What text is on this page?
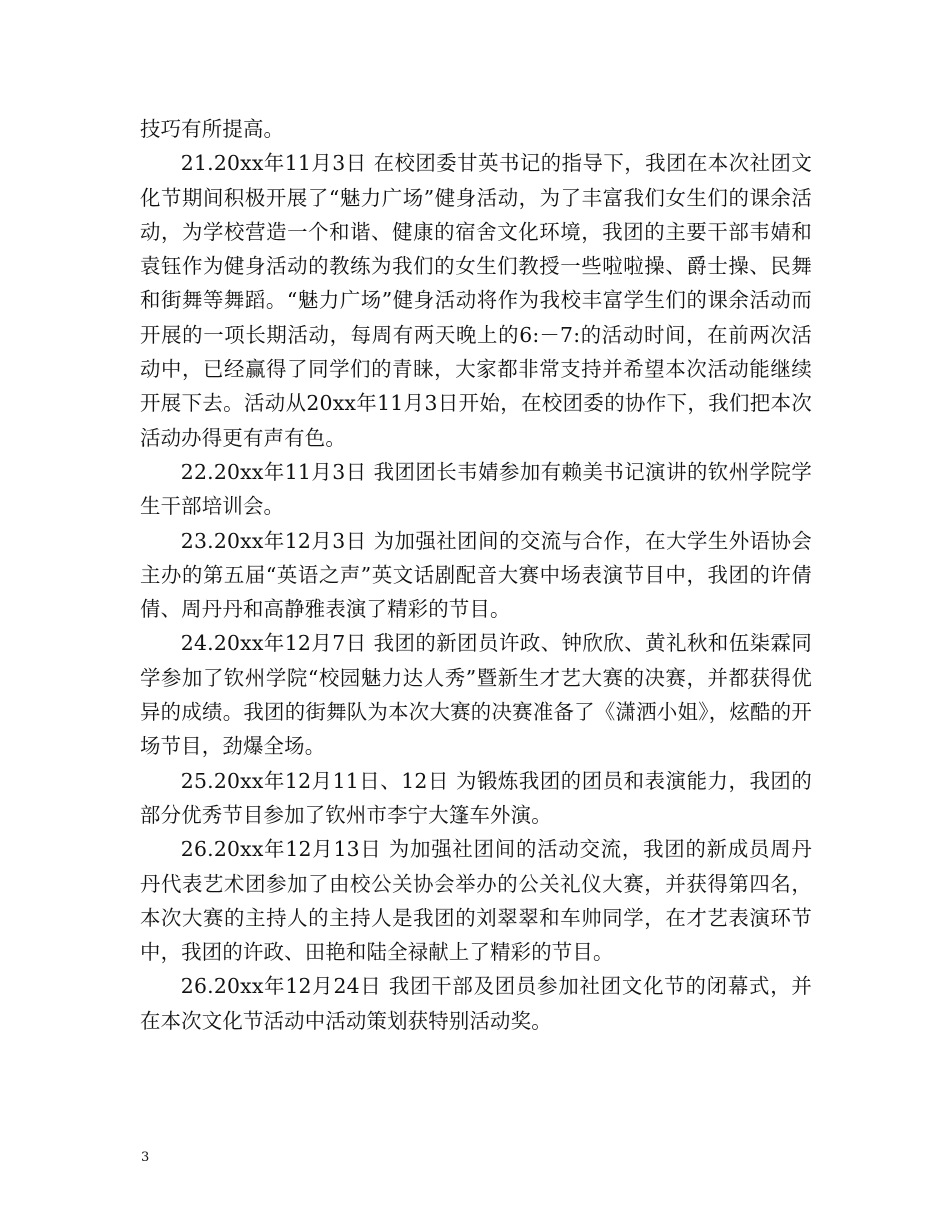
技巧有所提高。

21.20xx年11月3日 在校团委甘英书记的指导下，我团在本次社团文化节期间积极开展了“魅力广场”健身活动，为了丰富我们女生们的课余活动，为学校营造一个和谐、健康的宿舍文化环境，我团的主要干部韦婧和袁钰作为健身活动的教练为我们的女生们教授一些啦啦操、爵士操、民舞和街舞等舞蹈。“魅力广场”健身活动将作为我校丰富学生们的课余活动而开展的一项长期活动，每周有两天晚上的6:－7:的活动时间，在前两次活动中，已经赢得了同学们的青睐，大家都非常支持并希望本次活动能继续开展下去。活动从20xx年11月3日开始，在校团委的协作下，我们把本次活动办得更有声有色。

22.20xx年11月3日 我团团长韦婧参加有赖美书记演讲的钦州学院学生干部培训会。

23.20xx年12月3日 为加强社团间的交流与合作，在大学生外语协会主办的第五届“英语之声”英文话剧配音大赛中场表演节目中，我团的许倩倩、周丹丹和高静雅表演了精彩的节目。

24.20xx年12月7日 我团的新团员许政、钟欣欣、黄礼秋和伍柒霖同学参加了钦州学院“校园魅力达人秀”暨新生才艺大赛的决赛，并都获得优异的成绩。我团的街舞队为本次大赛的决赛准备了《潇洒小姐》，炫酷的开场节目，劲爆全场。

25.20xx年12月11日、12日 为锻炼我团的团员和表演能力，我团的部分优秀节目参加了钦州市李宁大篷车外演。

26.20xx年12月13日 为加强社团间的活动交流，我团的新成员周丹丹代表艺术团参加了由校公关协会举办的公关礼仪大赛，并获得第四名，本次大赛的主持人的主持人是我团的刘翠翠和车帅同学，在才艺表演环节中，我团的许政、田艳和陆全禄献上了精彩的节目。

26.20xx年12月24日 我团干部及团员参加社团文化节的闭幕式，并在本次文化节活动中活动策划获特别活动奖。

3
